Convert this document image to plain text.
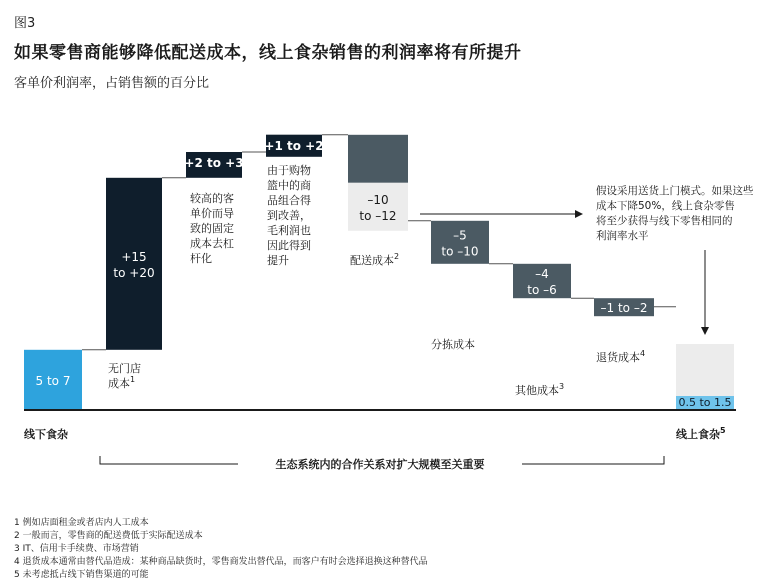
图3
如果零售商能够降低配送成本，线上食杂销售的利润率将有所提升
客单价利润率，占销售额的百分比
5 to 7
+15
to +20
+2 to +3
+1 to +2
–10
to –12
–5
to –10
–4
to –6
–1 to –2
0.5 to 1.5
线下食杂
无门店
成本$^1$
较高的客
单价而导
致的固定
成本去杠
杆化
由于购物
篮中的商
品组合得
到改善，
毛利润也
因此得到
提升	配送成本$^2$
分拣成本
其他成本$^3$
退货成本$^4$
线上食杂$^5$
假设采用送货上门模式。如果这些
成本下降50%，线上食杂零售
将至少获得与线下零售相同的
利润率水平
生态系统内的合作关系对扩大规模至关重要
1 例如店面租金或者店内人工成本
2 一般而言，零售商的配送费低于实际配送成本
3 IT、信用卡手续费、市场营销
4 退货成本通常由替代品造成：某种商品缺货时，零售商发出替代品，而客户有时会选择退换这种替代品
5 未考虑抵占线下销售渠道的可能
